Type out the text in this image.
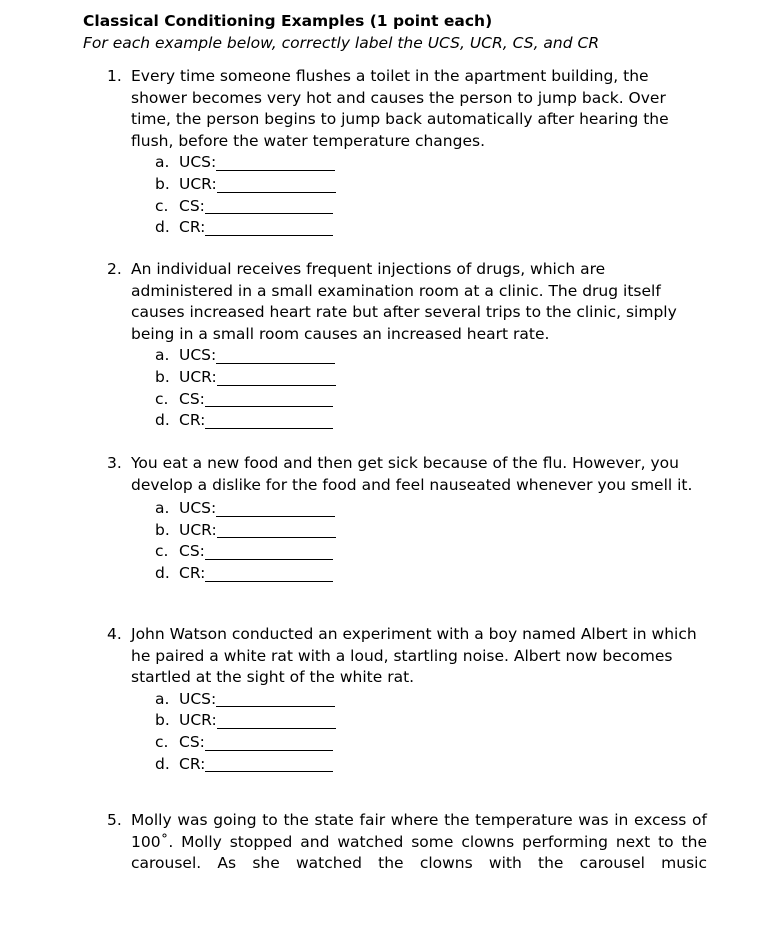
Classical Conditioning Examples (1 point each)
For each example below, correctly label the UCS, UCR, CS, and CR
1. Every time someone flushes a toilet in the apartment building, the shower becomes very hot and causes the person to jump back. Over time, the person begins to jump back automatically after hearing the flush, before the water temperature changes.
a. UCS:
b. UCR:
c. CS:
d. CR:
2. An individual receives frequent injections of drugs, which are administered in a small examination room at a clinic. The drug itself causes increased heart rate but after several trips to the clinic, simply being in a small room causes an increased heart rate.
a. UCS:
b. UCR:
c. CS:
d. CR:
3. You eat a new food and then get sick because of the flu. However, you develop a dislike for the food and feel nauseated whenever you smell it.
a. UCS:
b. UCR:
c. CS:
d. CR:
4. John Watson conducted an experiment with a boy named Albert in which he paired a white rat with a loud, startling noise. Albert now becomes startled at the sight of the white rat.
a. UCS:
b. UCR:
c. CS:
d. CR:
5. Molly was going to the state fair where the temperature was in excess of 100˚. Molly stopped and watched some clowns performing next to the carousel. As she watched the clowns with the carousel music
